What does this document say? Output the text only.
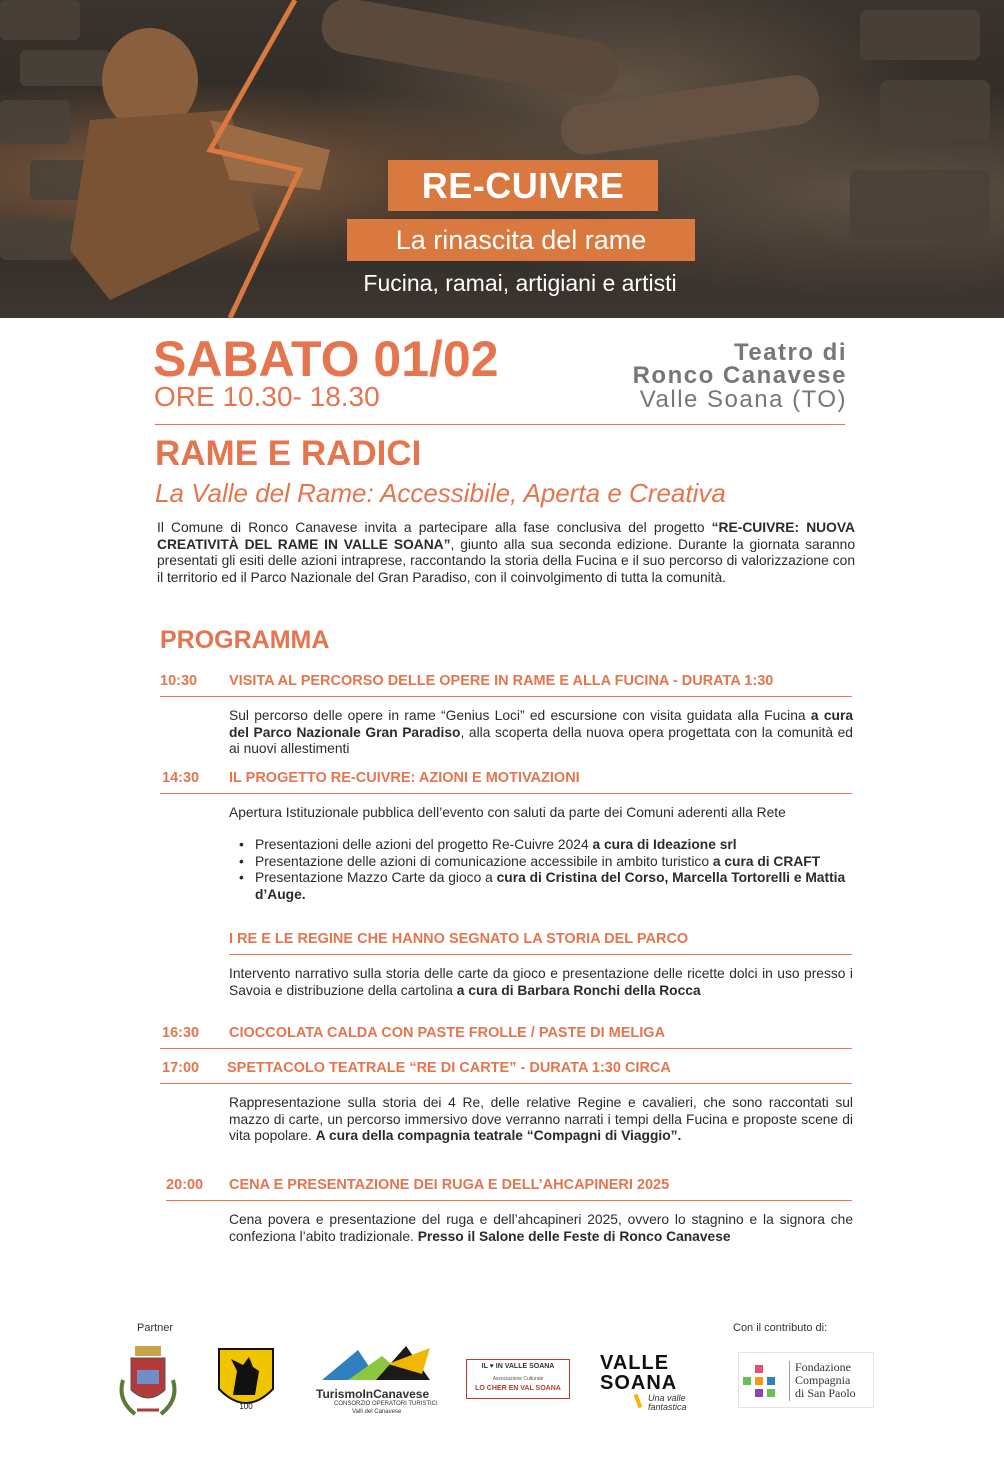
RE-CUIVRE
La rinascita del rame
Fucina, ramai, artigiani e artisti
SABATO 01/02
ORE 10.30- 18.30
Teatro di
Ronco Canavese
Valle Soana (TO)
RAME E RADICI
La Valle del Rame: Accessibile, Aperta e Creativa
Il Comune di Ronco Canavese invita a partecipare alla fase conclusiva del progetto “RE-CUIVRE: NUOVA CREATIVITÀ DEL RAME IN VALLE SOANA”, giunto alla sua seconda edizione. Durante la giornata saranno presentati gli esiti delle azioni intraprese, raccontando la storia della Fucina e il suo percorso di valorizzazione con il territorio ed il Parco Nazionale del Gran Paradiso, con il coinvolgimento di tutta la comunità.
PROGRAMMA
10:30 VISITA AL PERCORSO DELLE OPERE IN RAME E ALLA FUCINA - DURATA 1:30
Sul percorso delle opere in rame “Genius Loci” ed escursione con visita guidata alla Fucina a cura del Parco Nazionale Gran Paradiso, alla scoperta della nuova opera progettata con la comunità ed ai nuovi allestimenti
14:30 IL PROGETTO RE-CUIVRE: AZIONI E MOTIVAZIONI
Apertura Istituzionale pubblica dell’evento con saluti da parte dei Comuni aderenti alla Rete
• Presentazioni delle azioni del progetto Re-Cuivre 2024 a cura di Ideazione srl
• Presentazione delle azioni di comunicazione accessibile in ambito turistico a cura di CRAFT
• Presentazione Mazzo Carte da gioco a cura di Cristina del Corso, Marcella Tortorelli e Mattia d’Auge.
I RE E LE REGINE CHE HANNO SEGNATO LA STORIA DEL PARCO
Intervento narrativo sulla storia delle carte da gioco e presentazione delle ricette dolci in uso presso i Savoia e distribuzione della cartolina a cura di Barbara Ronchi della Rocca
16:30 CIOCCOLATA CALDA CON PASTE FROLLE / PASTE DI MELIGA
17:00 SPETTACOLO TEATRALE “RE DI CARTE” - DURATA 1:30 CIRCA
Rappresentazione sulla storia dei 4 Re, delle relative Regine e cavalieri, che sono raccontati sul mazzo di carte, un percorso immersivo dove verranno narrati i tempi della Fucina e proposte scene di vita popolare. A cura della compagnia teatrale “Compagni di Viaggio”.
20:00 CENA E PRESENTAZIONE DEI RUGA E DELL’AHCAPINERI 2025
Cena povera e presentazione del ruga e dell’ahcapineri 2025, ovvero lo stagnino e la signora che confeziona l’abito tradizionale. Presso il Salone delle Feste di Ronco Canavese
Partner	Con il contributo di:
100
TurismoInCanavese
CONSORZIO OPERATORI TURISTICI
Valli del Canavese
IL ♥ IN VALLE SOANA
Associazione Culturale
LO CHER EN VAL SOANA
VALLE
SOANA
Una valle
fantastica
Fondazione
Compagnia
di San Paolo
